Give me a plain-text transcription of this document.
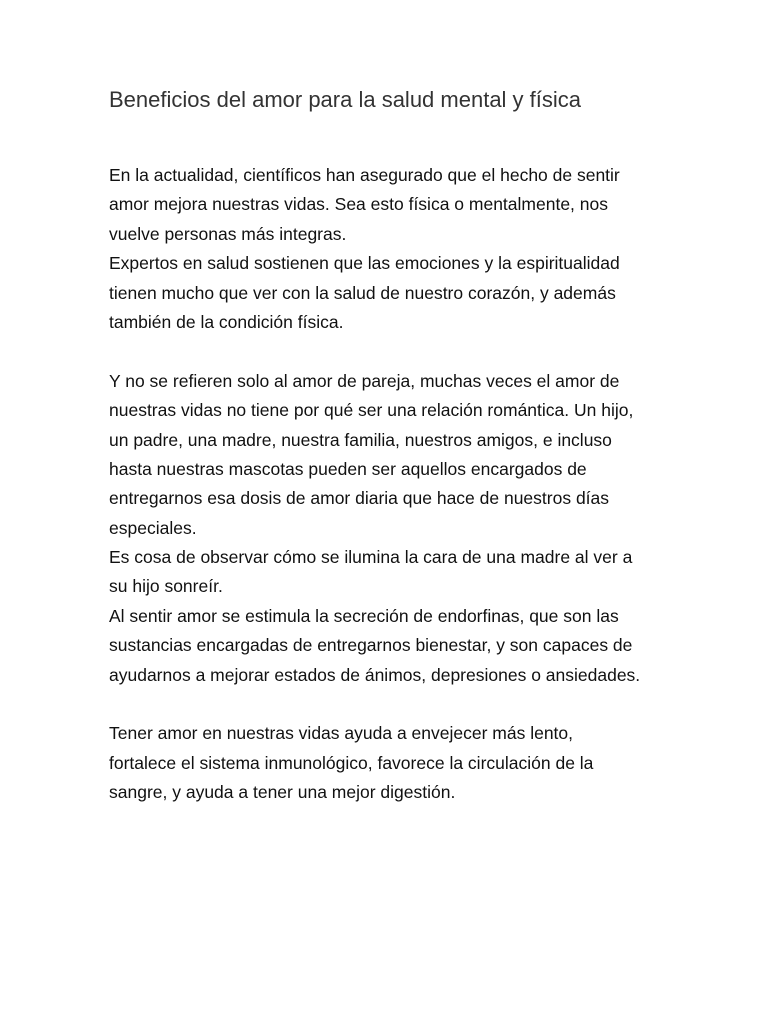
Beneficios del amor para la salud mental y física
En la actualidad, científicos han asegurado que el hecho de sentir
amor mejora nuestras vidas. Sea esto física o mentalmente, nos
vuelve personas más integras.
Expertos en salud sostienen que las emociones y la espiritualidad
tienen mucho que ver con la salud de nuestro corazón, y además
también de la condición física.
Y no se refieren solo al amor de pareja, muchas veces el amor de
nuestras vidas no tiene por qué ser una relación romántica. Un hijo,
un padre, una madre, nuestra familia, nuestros amigos, e incluso
hasta nuestras mascotas pueden ser aquellos encargados de
entregarnos esa dosis de amor diaria que hace de nuestros días
especiales.
Es cosa de observar cómo se ilumina la cara de una madre al ver a
su hijo sonreír.
Al sentir amor se estimula la secreción de endorfinas, que son las
sustancias encargadas de entregarnos bienestar, y son capaces de
ayudarnos a mejorar estados de ánimos, depresiones o ansiedades.
Tener amor en nuestras vidas ayuda a envejecer más lento,
fortalece el sistema inmunológico, favorece la circulación de la
sangre, y ayuda a tener una mejor digestión.
